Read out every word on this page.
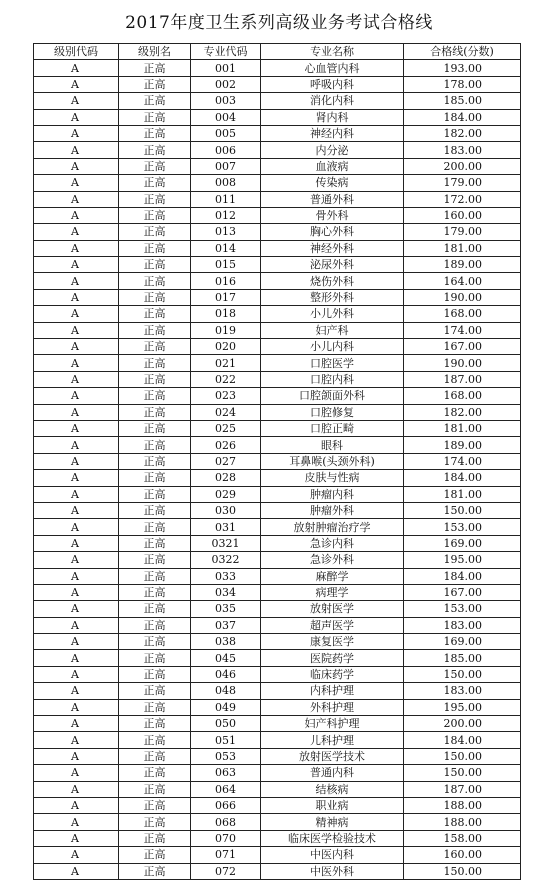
2017年度卫生系列高级业务考试合格线
级别代码	级别名	专业代码	专业名称	合格线(分数)
A	正高	001	心血管内科	193.00
A	正高	002	呼吸内科	178.00
A	正高	003	消化内科	185.00
A	正高	004	肾内科	184.00
A	正高	005	神经内科	182.00
A	正高	006	内分泌	183.00
A	正高	007	血液病	200.00
A	正高	008	传染病	179.00
A	正高	011	普通外科	172.00
A	正高	012	骨外科	160.00
A	正高	013	胸心外科	179.00
A	正高	014	神经外科	181.00
A	正高	015	泌尿外科	189.00
A	正高	016	烧伤外科	164.00
A	正高	017	整形外科	190.00
A	正高	018	小儿外科	168.00
A	正高	019	妇产科	174.00
A	正高	020	小儿内科	167.00
A	正高	021	口腔医学	190.00
A	正高	022	口腔内科	187.00
A	正高	023	口腔颌面外科	168.00
A	正高	024	口腔修复	182.00
A	正高	025	口腔正畸	181.00
A	正高	026	眼科	189.00
A	正高	027	耳鼻喉(头颈外科)	174.00
A	正高	028	皮肤与性病	184.00
A	正高	029	肿瘤内科	181.00
A	正高	030	肿瘤外科	150.00
A	正高	031	放射肿瘤治疗学	153.00
A	正高	0321	急诊内科	169.00
A	正高	0322	急诊外科	195.00
A	正高	033	麻醉学	184.00
A	正高	034	病理学	167.00
A	正高	035	放射医学	153.00
A	正高	037	超声医学	183.00
A	正高	038	康复医学	169.00
A	正高	045	医院药学	185.00
A	正高	046	临床药学	150.00
A	正高	048	内科护理	183.00
A	正高	049	外科护理	195.00
A	正高	050	妇产科护理	200.00
A	正高	051	儿科护理	184.00
A	正高	053	放射医学技术	150.00
A	正高	063	普通内科	150.00
A	正高	064	结核病	187.00
A	正高	066	职业病	188.00
A	正高	068	精神病	188.00
A	正高	070	临床医学检验技术	158.00
A	正高	071	中医内科	160.00
A	正高	072	中医外科	150.00
